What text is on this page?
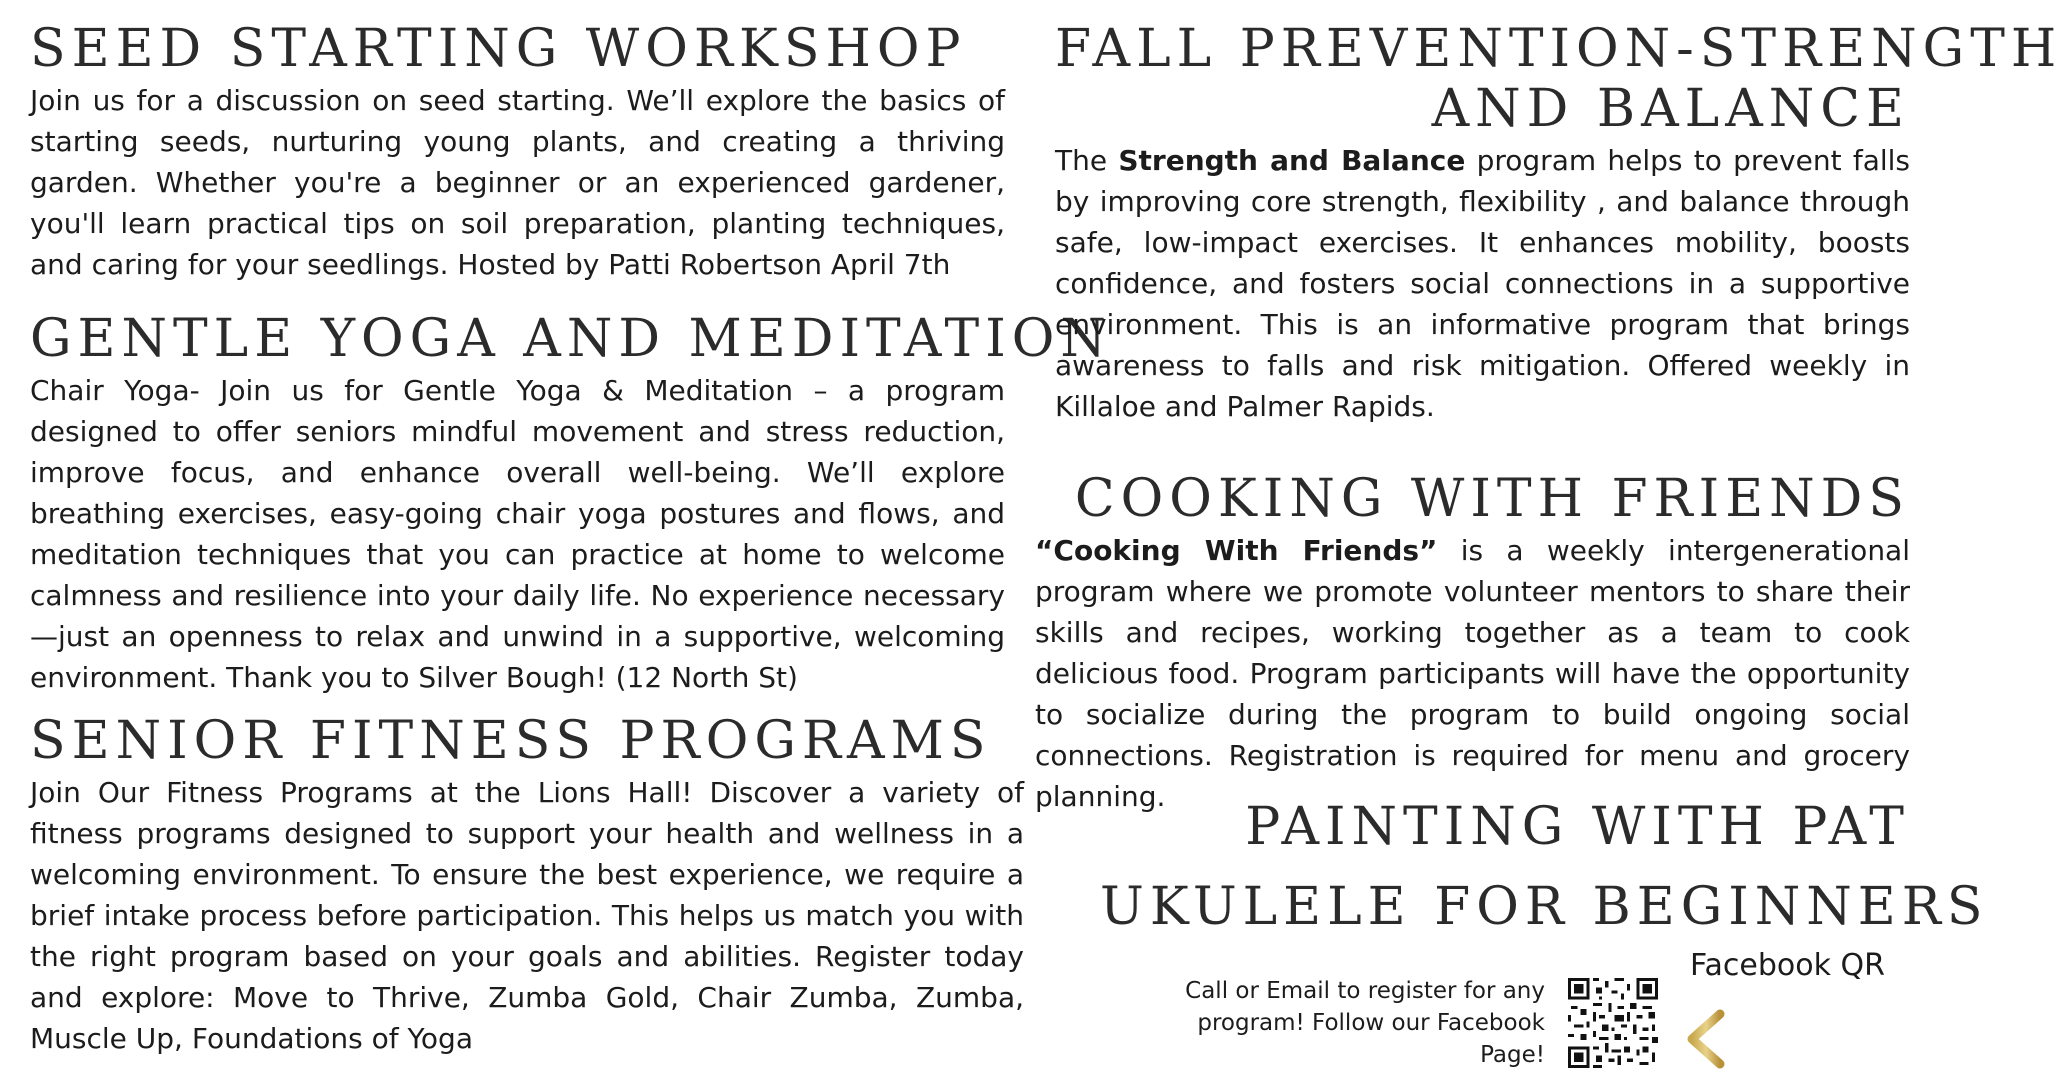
SEED STARTING WORKSHOP

Join us for a discussion on seed starting. We’ll explore the basics of starting seeds, nurturing young plants, and creating a thriving garden. Whether you're a beginner or an experienced gardener, you'll learn practical tips on soil preparation, planting techniques, and caring for your seedlings. Hosted by Patti Robertson April 7th

GENTLE YOGA AND MEDITATION

Chair Yoga- Join us for Gentle Yoga & Meditation – a program designed to offer seniors mindful movement and stress reduction, improve focus, and enhance overall well-being. We’ll explore breathing exercises, easy-going chair yoga postures and flows, and meditation techniques that you can practice at home to welcome calmness and resilience into your daily life. No experience necessary—just an openness to relax and unwind in a supportive, welcoming environment. Thank you to Silver Bough! (12 North St)

SENIOR FITNESS PROGRAMS

Join Our Fitness Programs at the Lions Hall! Discover a variety of fitness programs designed to support your health and wellness in a welcoming environment. To ensure the best experience, we require a brief intake process before participation. This helps us match you with the right program based on your goals and abilities. Register today and explore: Move to Thrive, Zumba Gold, Chair Zumba, Zumba, Muscle Up, Foundations of Yoga

FALL PREVENTION-STRENGTH
AND BALANCE

The Strength and Balance program helps to prevent falls by improving core strength, flexibility , and balance through safe, low-impact exercises. It enhances mobility, boosts confidence, and fosters social connections in a supportive environment. This is an informative program that brings awareness to falls and risk mitigation. Offered weekly in Killaloe and Palmer Rapids.

COOKING WITH FRIENDS

“Cooking With Friends” is a weekly intergenerational program where we promote volunteer mentors to share their skills and recipes, working together as a team to cook delicious food. Program participants will have the opportunity to socialize during the program to build ongoing social connections. Registration is required for menu and grocery planning.

PAINTING WITH PAT
UKULELE FOR BEGINNERS
Call or Email to register for any program! Follow our Facebook Page!
Facebook QR
